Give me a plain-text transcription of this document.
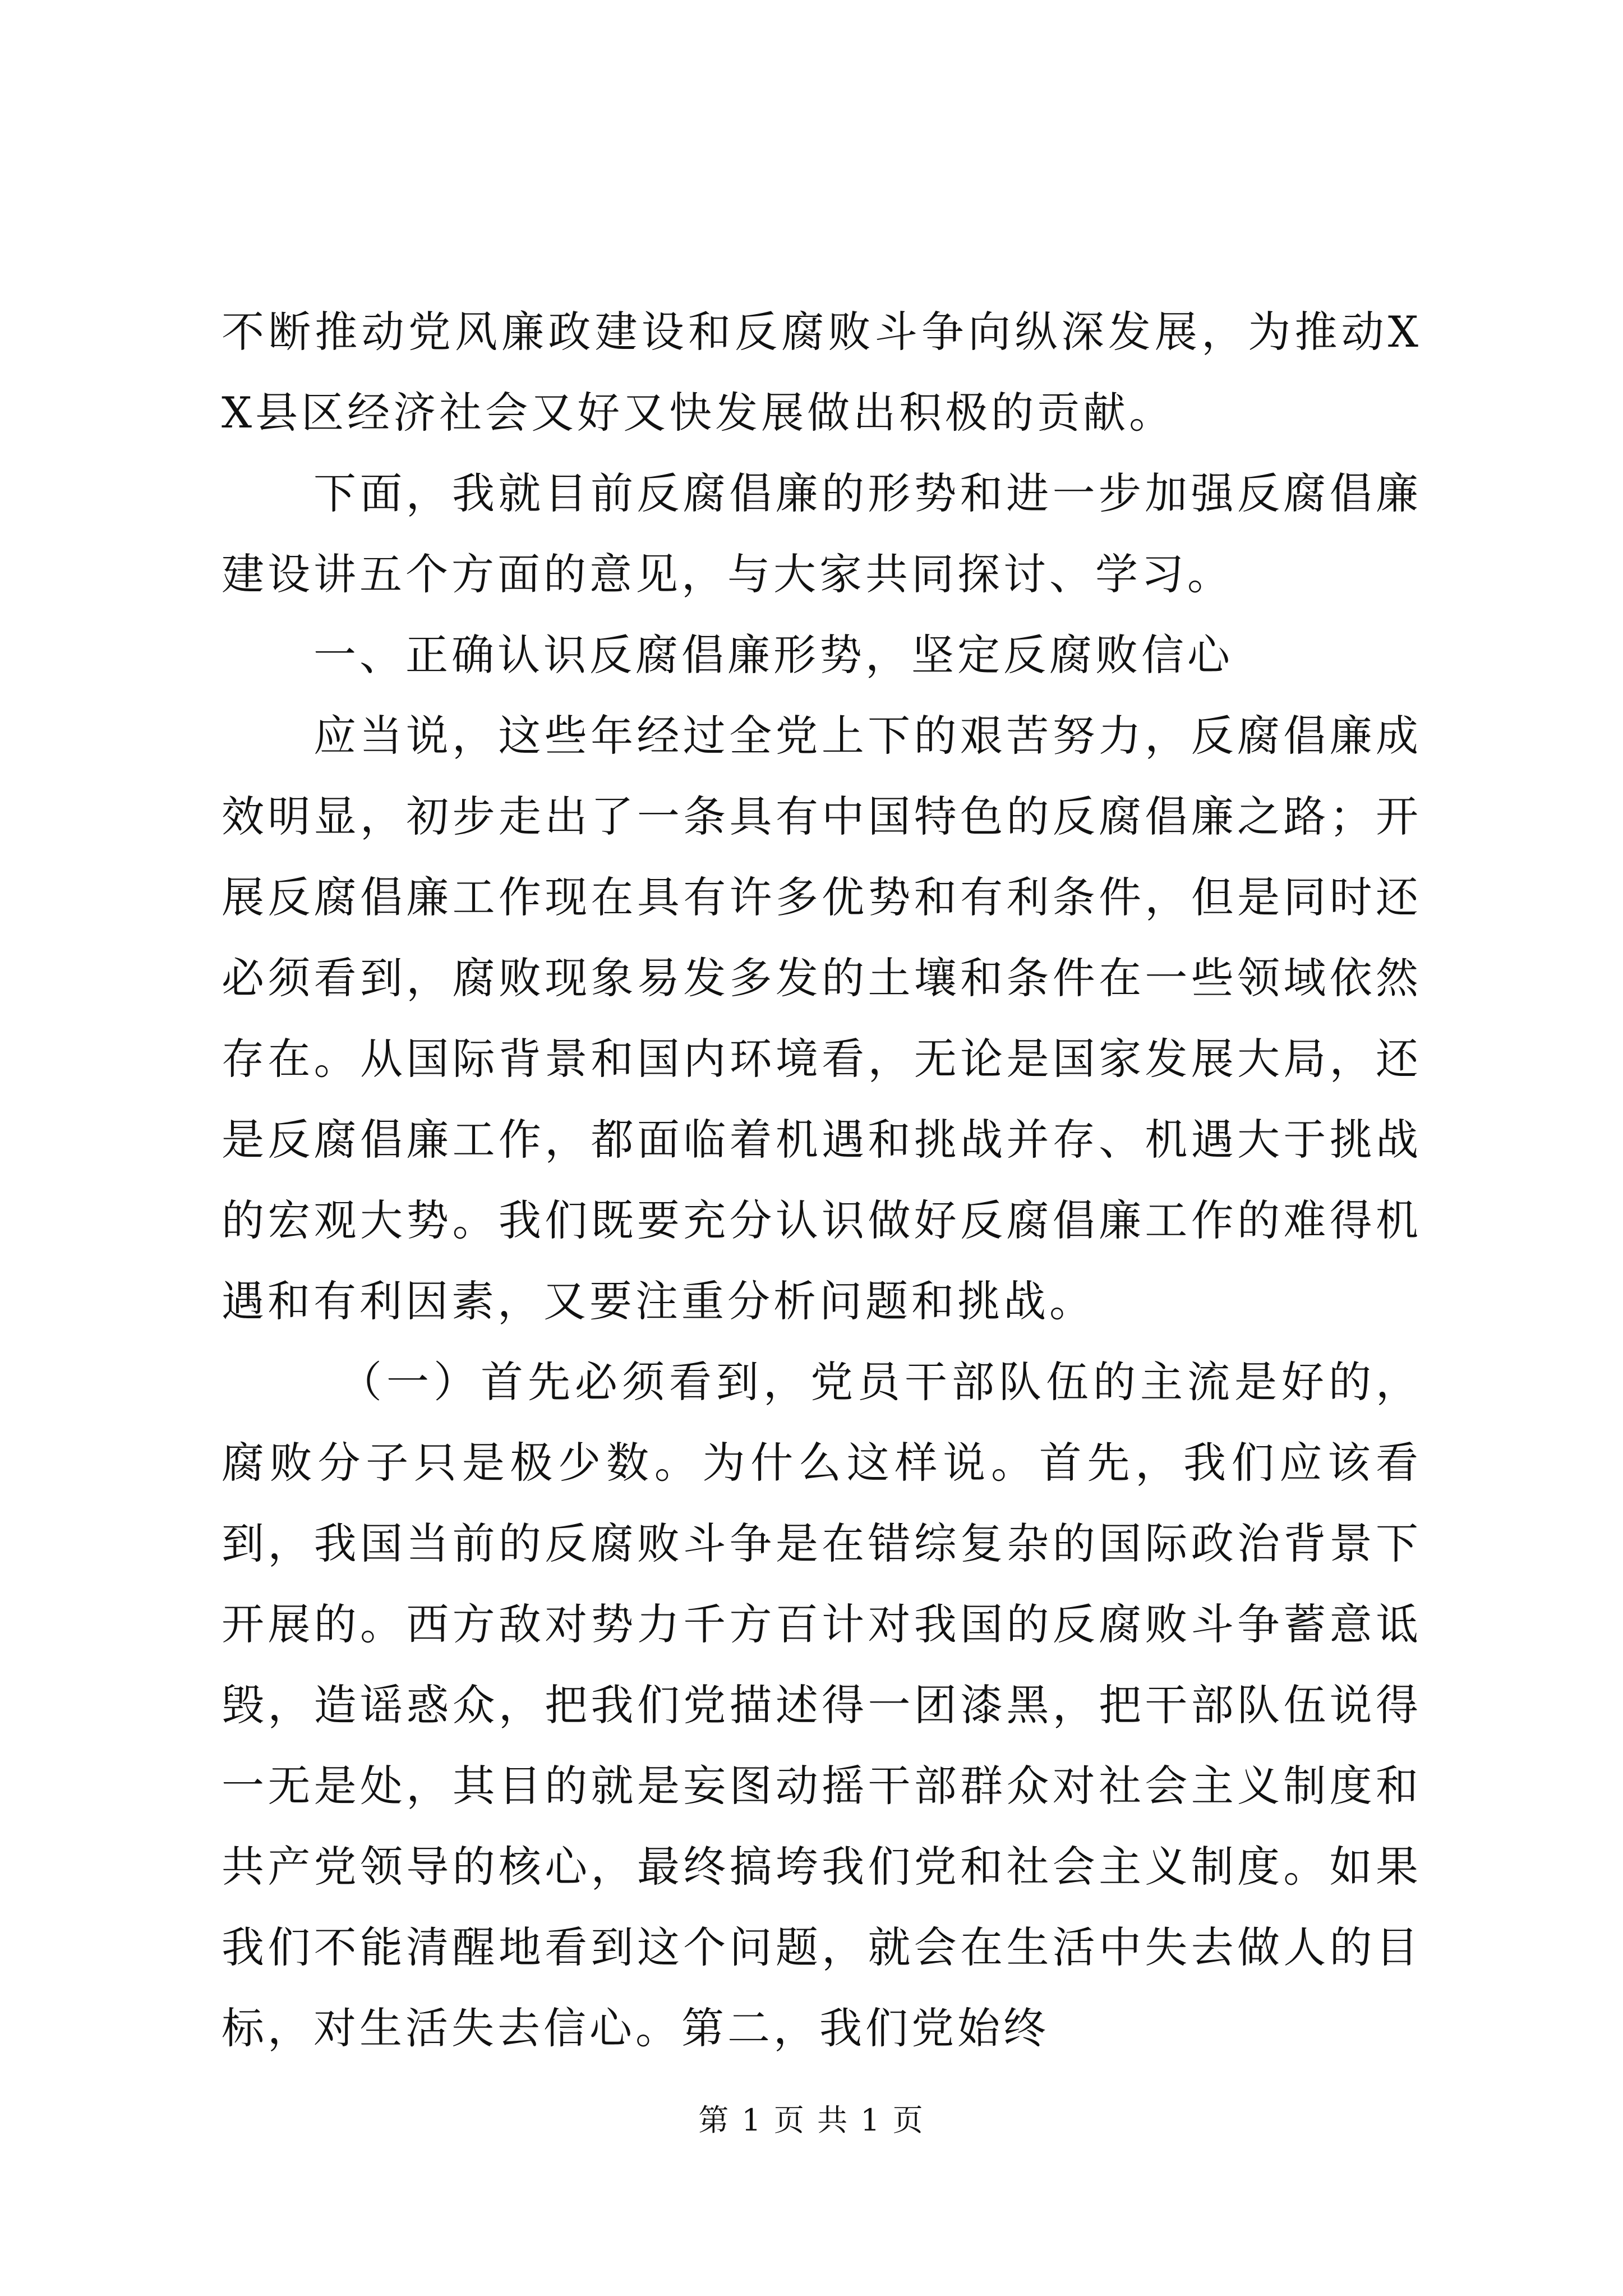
不断推动党风廉政建设和反腐败斗争向纵深发展，为推动XX县区经济社会又好又快发展做出积极的贡献。

下面，我就目前反腐倡廉的形势和进一步加强反腐倡廉建设讲五个方面的意见，与大家共同探讨、学习。

一、正确认识反腐倡廉形势，坚定反腐败信心

应当说，这些年经过全党上下的艰苦努力，反腐倡廉成效明显，初步走出了一条具有中国特色的反腐倡廉之路；开展反腐倡廉工作现在具有许多优势和有利条件，但是同时还必须看到，腐败现象易发多发的土壤和条件在一些领域依然存在。从国际背景和国内环境看，无论是国家发展大局，还是反腐倡廉工作，都面临着机遇和挑战并存、机遇大于挑战的宏观大势。我们既要充分认识做好反腐倡廉工作的难得机遇和有利因素，又要注重分析问题和挑战。

（一）首先必须看到，党员干部队伍的主流是好的，腐败分子只是极少数。为什么这样说。首先，我们应该看到，我国当前的反腐败斗争是在错综复杂的国际政治背景下开展的。西方敌对势力千方百计对我国的反腐败斗争蓄意诋毁，造谣惑众，把我们党描述得一团漆黑，把干部队伍说得一无是处，其目的就是妄图动摇干部群众对社会主义制度和共产党领导的核心，最终搞垮我们党和社会主义制度。如果我们不能清醒地看到这个问题，就会在生活中失去做人的目标，对生活失去信心。第二，我们党始终

第 1 页 共 1 页
